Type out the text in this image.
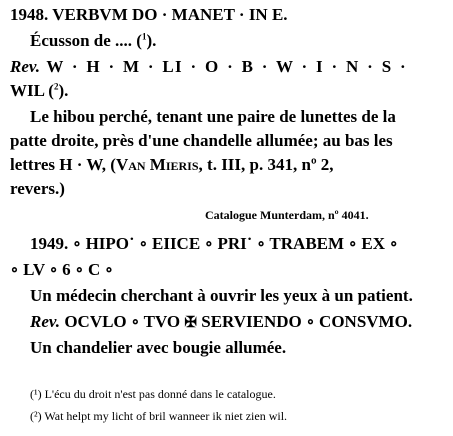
1948. VERBVM DO · MANET · IN E.
Écusson de .... ($^1$).
Rev. W · H · M · LI · O · B · W · I · N · S ·
WIL ($^2$).
Le hibou perché, tenant une paire de lunettes de la
patte droite, près d'une chandelle allumée; au bas les
lettres H · W, (Van Mieris, t. III, p. 341, nº 2,
revers.)
Catalogue Munterdam, nº 4041.
1949. ∘ HIPO˙ ∘ EIICE ∘ PRI˙ ∘ TRABEM ∘ EX ∘
∘ LV ∘ 6 ∘ C ∘
Un médecin cherchant à ouvrir les yeux à un patient.
Rev. OCVLO ∘ TVO ✠ SERVIENDO ∘ CONSVMO.
Un chandelier avec bougie allumée.
(¹) L'écu du droit n'est pas donné dans le catalogue.
(²) Wat helpt my licht of bril wanneer ik niet zien wil.
